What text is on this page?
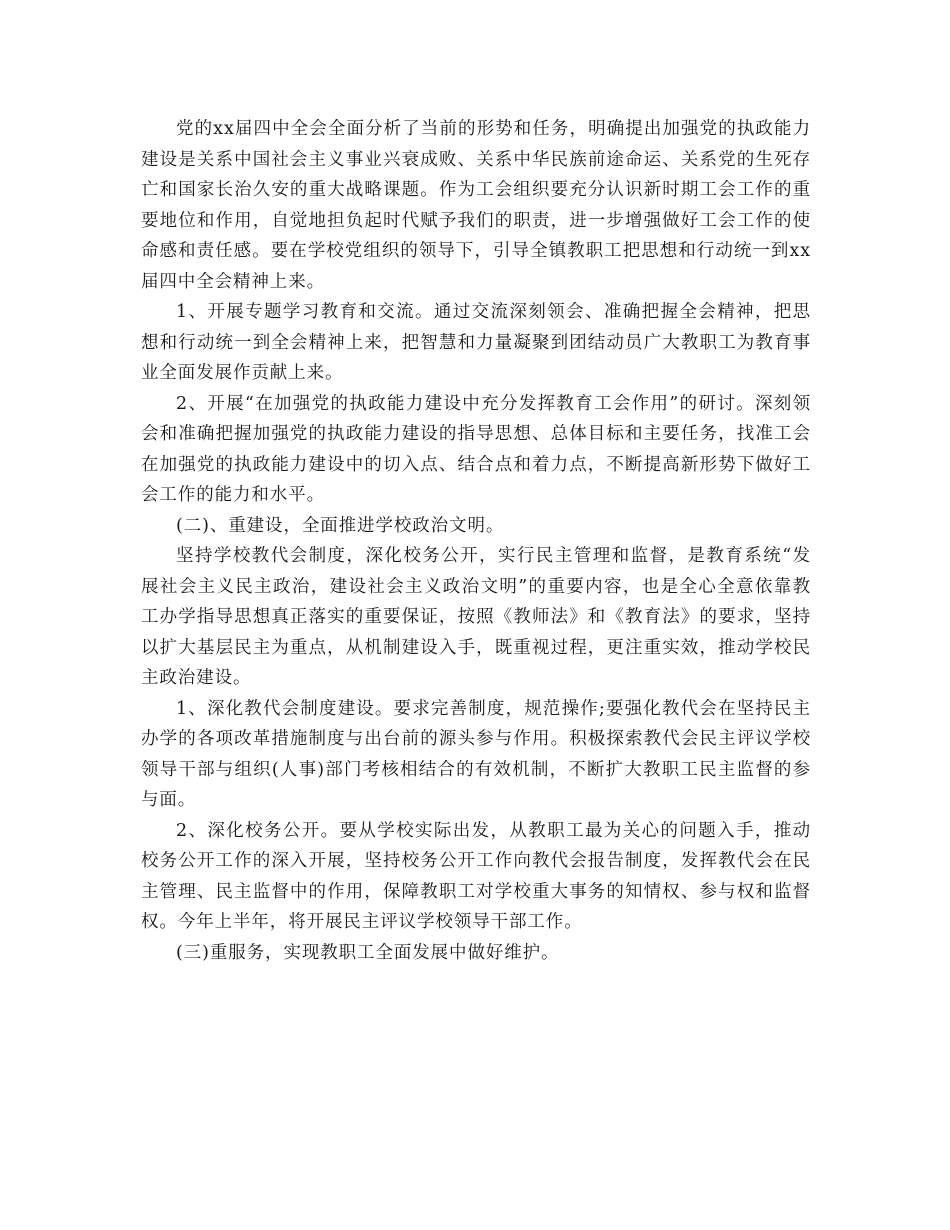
党的xx届四中全会全面分析了当前的形势和任务，明确提出加强党的执政能力建设是关系中国社会主义事业兴衰成败、关系中华民族前途命运、关系党的生死存亡和国家长治久安的重大战略课题。作为工会组织要充分认识新时期工会工作的重要地位和作用，自觉地担负起时代赋予我们的职责，进一步增强做好工会工作的使命感和责任感。要在学校党组织的领导下，引导全镇教职工把思想和行动统一到xx届四中全会精神上来。

1、开展专题学习教育和交流。通过交流深刻领会、准确把握全会精神，把思想和行动统一到全会精神上来，把智慧和力量凝聚到团结动员广大教职工为教育事业全面发展作贡献上来。

2、开展“在加强党的执政能力建设中充分发挥教育工会作用”的研讨。深刻领会和准确把握加强党的执政能力建设的指导思想、总体目标和主要任务，找准工会在加强党的执政能力建设中的切入点、结合点和着力点，不断提高新形势下做好工会工作的能力和水平。

(二)、重建设，全面推进学校政治文明。

坚持学校教代会制度，深化校务公开，实行民主管理和监督，是教育系统“发展社会主义民主政治，建设社会主义政治文明”的重要内容，也是全心全意依靠教工办学指导思想真正落实的重要保证，按照《教师法》和《教育法》的要求，坚持以扩大基层民主为重点，从机制建设入手，既重视过程，更注重实效，推动学校民主政治建设。

1、深化教代会制度建设。要求完善制度，规范操作;要强化教代会在坚持民主办学的各项改革措施制度与出台前的源头参与作用。积极探索教代会民主评议学校领导干部与组织(人事)部门考核相结合的有效机制，不断扩大教职工民主监督的参与面。

2、深化校务公开。要从学校实际出发，从教职工最为关心的问题入手，推动校务公开工作的深入开展，坚持校务公开工作向教代会报告制度，发挥教代会在民主管理、民主监督中的作用，保障教职工对学校重大事务的知情权、参与权和监督权。今年上半年，将开展民主评议学校领导干部工作。

(三)重服务，实现教职工全面发展中做好维护。
